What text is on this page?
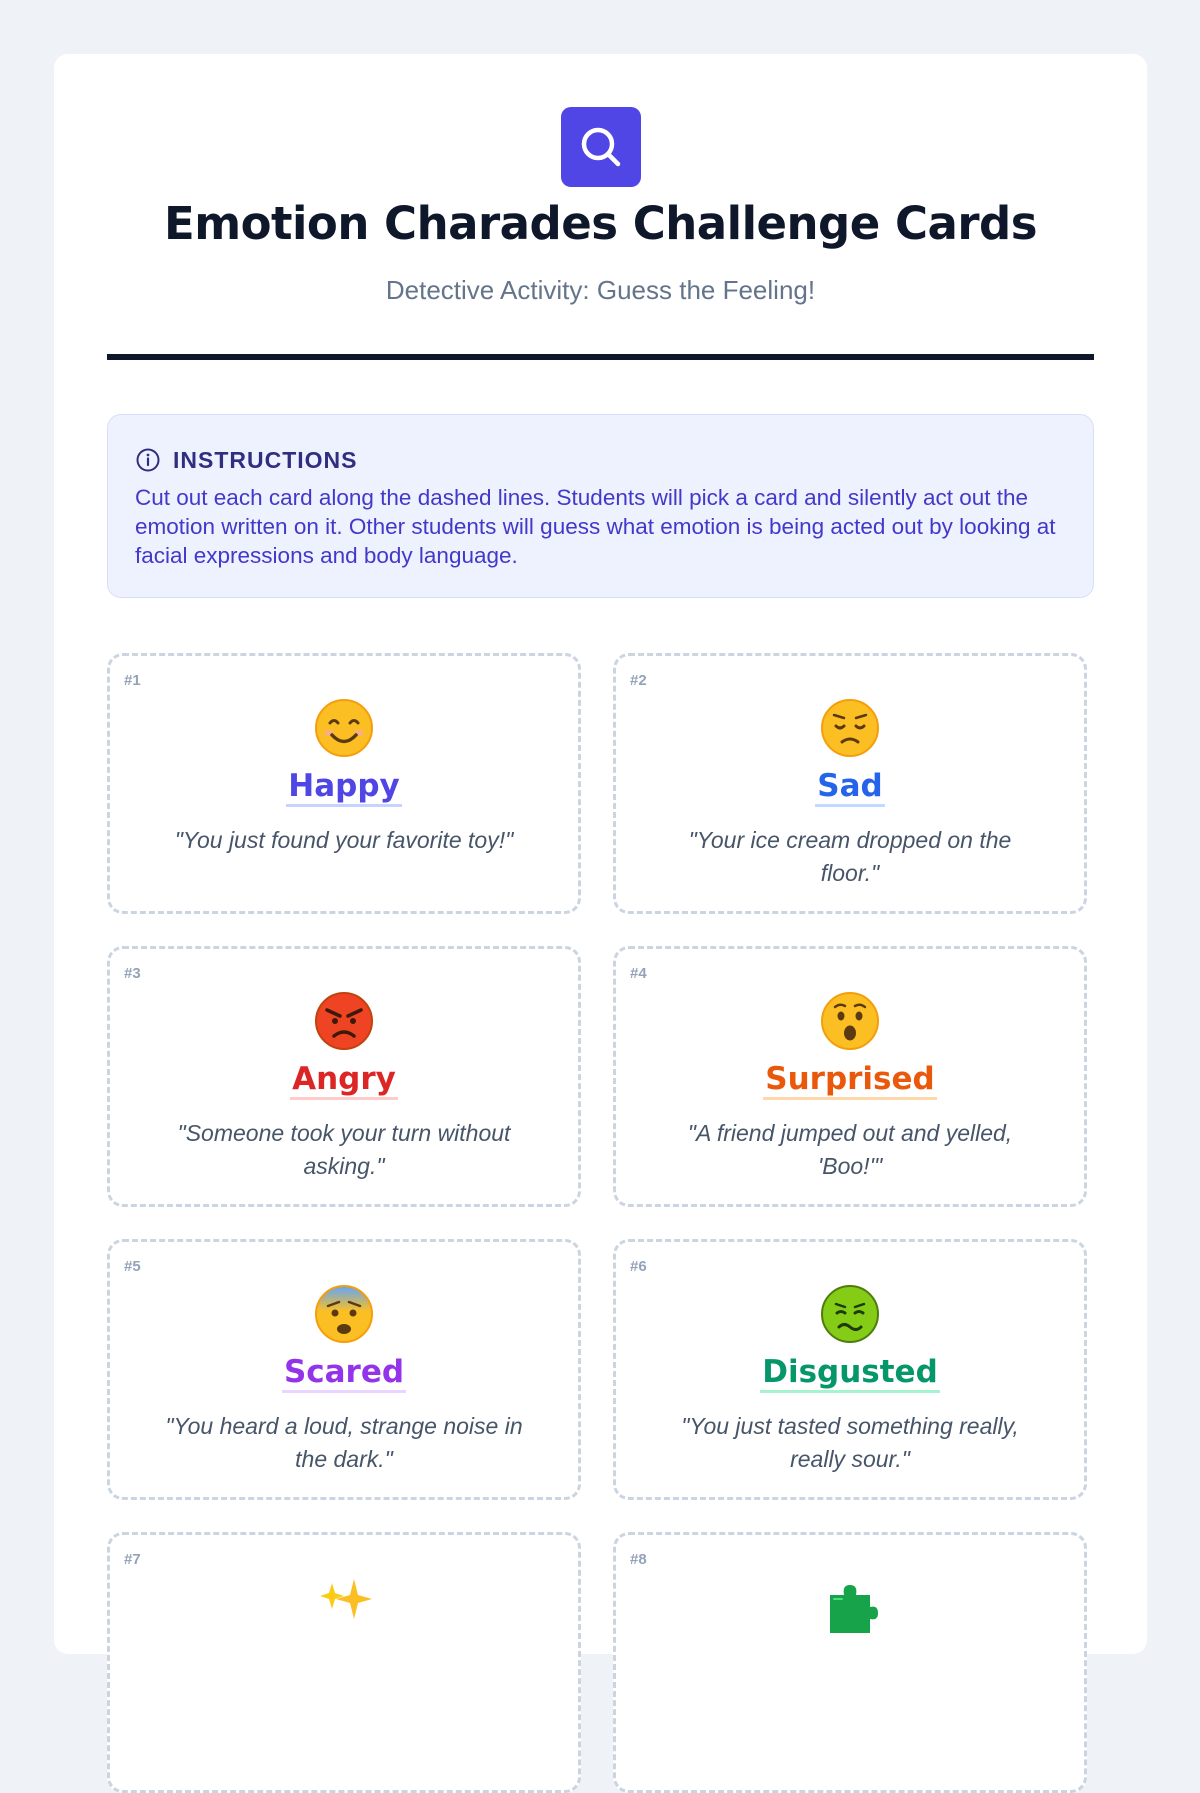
Emotion Charades Challenge Cards
Detective Activity: Guess the Feeling!
INSTRUCTIONS
Cut out each card along the dashed lines. Students will pick a card and silently act out the emotion written on it. Other students will guess what emotion is being acted out by looking at facial expressions and body language.
#1
Happy
"You just found your favorite toy!"
#2
Sad
"Your ice cream dropped on the floor."
#3
Angry
"Someone took your turn without asking."
#4
Surprised
"A friend jumped out and yelled, 'Boo!'"
#5
Scared
"You heard a loud, strange noise in the dark."
#6
Disgusted
"You just tasted something really, really sour."
#7	#8
